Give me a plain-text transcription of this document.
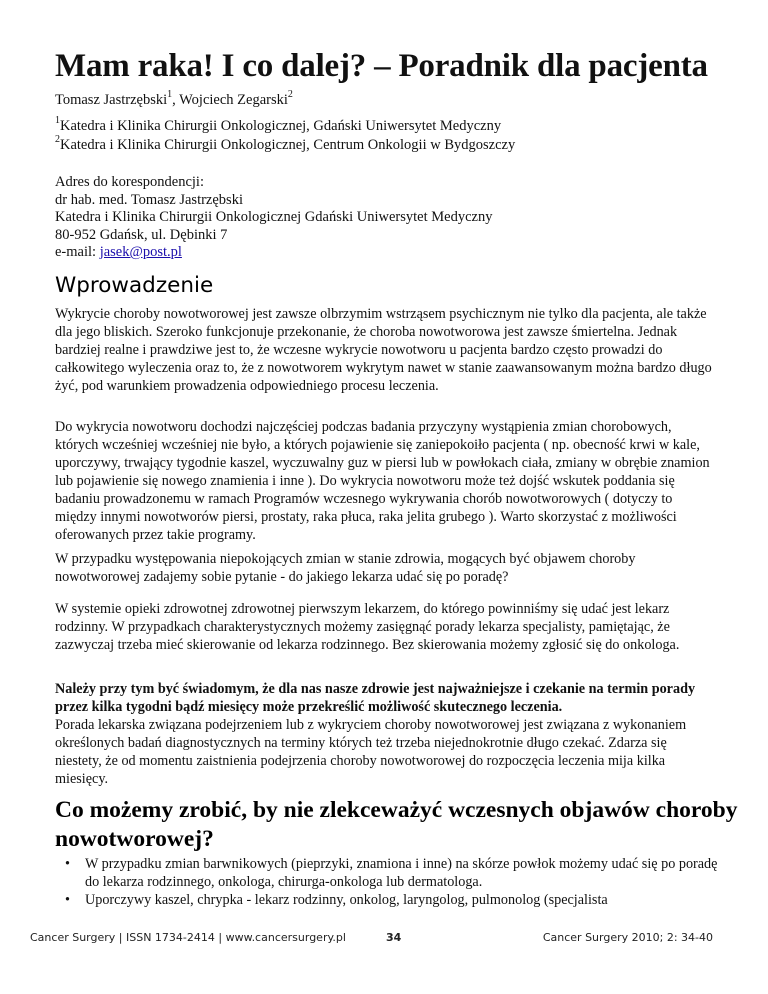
Mam raka! I co dalej? – Poradnik dla pacjenta
Tomasz Jastrzębski$^1$, Wojciech Zegarski$^2$
$^1$Katedra i Klinika Chirurgii Onkologicznej, Gdański Uniwersytet Medyczny
$^2$Katedra i Klinika Chirurgii Onkologicznej, Centrum Onkologii w Bydgoszczy
Adres do korespondencji:
dr hab. med. Tomasz Jastrzębski
Katedra i Klinika Chirurgii Onkologicznej Gdański Uniwersytet Medyczny
80-952 Gdańsk, ul. Dębinki 7
e-mail: jasek@post.pl
Wprowadzenie
Wykrycie choroby nowotworowej jest zawsze olbrzymim wstrząsem psychicznym nie tylko dla pacjenta, ale także dla jego bliskich. Szeroko funkcjonuje przekonanie, że choroba nowotworowa jest zawsze śmiertelna. Jednak bardziej realne i prawdziwe jest to, że wczesne wykrycie nowotworu u pacjenta bardzo często prowadzi do całkowitego wyleczenia oraz to, że z nowotworem wykrytym nawet w stanie zaawansowanym można bardzo długo żyć, pod warunkiem prowadzenia odpowiedniego procesu leczenia.
Do wykrycia nowotworu dochodzi najczęściej podczas badania przyczyny wystąpienia zmian chorobowych, których wcześniej wcześniej nie było, a których pojawienie się zaniepokoiło pacjenta ( np. obecność krwi w kale, uporczywy, trwający tygodnie kaszel, wyczuwalny guz w piersi lub w powłokach ciała, zmiany w obrębie znamion lub pojawienie się nowego znamienia i inne ). Do wykrycia nowotworu może też dojść wskutek poddania się badaniu prowadzonemu w ramach Programów wczesnego wykrywania chorób nowotworowych ( dotyczy to między innymi nowotworów piersi, prostaty, raka płuca, raka jelita grubego ). Warto skorzystać z możliwości oferowanych przez takie programy.
W przypadku występowania niepokojących zmian w stanie zdrowia, mogących być objawem choroby nowotworowej zadajemy sobie pytanie - do jakiego lekarza udać się po poradę?
W systemie opieki zdrowotnej zdrowotnej pierwszym lekarzem, do którego powinniśmy się udać jest lekarz rodzinny. W przypadkach charakterystycznych możemy zasięgnąć porady lekarza specjalisty, pamiętając, że zazwyczaj trzeba mieć skierowanie od lekarza rodzinnego. Bez skierowania możemy zgłosić się do onkologa.
Należy przy tym być świadomym, że dla nas nasze zdrowie jest najważniejsze i czekanie na termin porady przez kilka tygodni bądź miesięcy może przekreślić możliwość skutecznego leczenia.
Porada lekarska związana podejrzeniem lub z wykryciem choroby nowotworowej jest związana z wykonaniem określonych badań diagnostycznych na terminy których też trzeba niejednokrotnie długo czekać. Zdarza się niestety, że od momentu zaistnienia podejrzenia choroby nowotworowej do rozpoczęcia leczenia mija kilka miesięcy.
Co możemy zrobić, by nie zlekceważyć wczesnych objawów choroby nowotworowej?
• W przypadku zmian barwnikowych (pieprzyki, znamiona i inne) na skórze powłok możemy udać się po poradę do lekarza rodzinnego, onkologa, chirurga-onkologa lub dermatologa.
• Uporczywy kaszel, chrypka - lekarz rodzinny, onkolog, laryngolog, pulmonolog (specjalista
Cancer Surgery | ISSN 1734-2414 | www.cancersurgery.pl	34	Cancer Surgery 2010; 2: 34-40
